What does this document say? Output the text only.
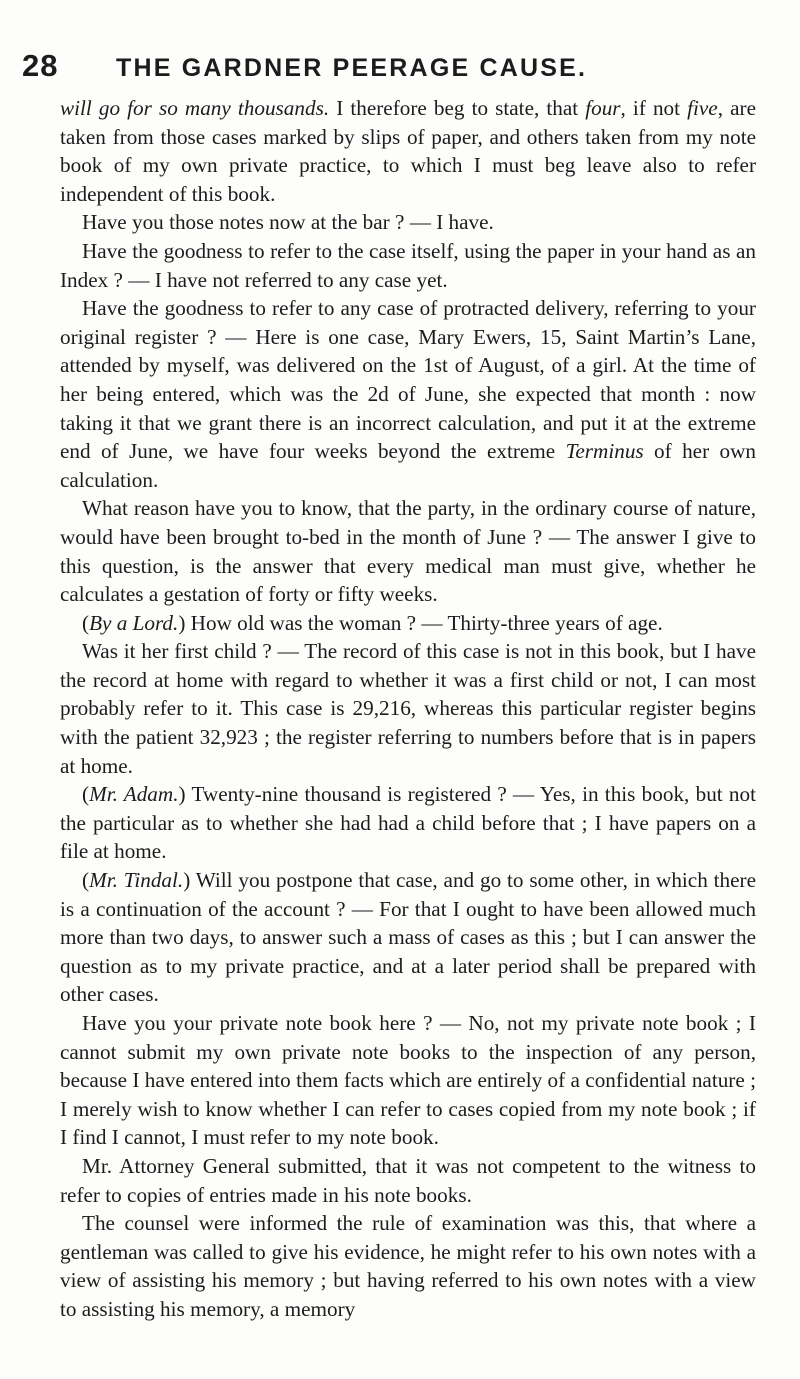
28	THE GARDNER PEERAGE CAUSE.

will go for so many thousands. I therefore beg to state, that four, if not five, are taken from those cases marked by slips of paper, and others taken from my note book of my own private practice, to which I must beg leave also to refer independent of this book.

Have you those notes now at the bar ? — I have.

Have the goodness to refer to the case itself, using the paper in your hand as an Index ? — I have not referred to any case yet.

Have the goodness to refer to any case of protracted delivery, referring to your original register ? — Here is one case, Mary Ewers, 15, Saint Martin’s Lane, attended by myself, was delivered on the 1st of August, of a girl. At the time of her being entered, which was the 2d of June, she expected that month : now taking it that we grant there is an incorrect calculation, and put it at the extreme end of June, we have four weeks beyond the extreme Terminus of her own calculation.

What reason have you to know, that the party, in the ordinary course of nature, would have been brought to-bed in the month of June ? — The answer I give to this question, is the answer that every medical man must give, whether he calculates a gestation of forty or fifty weeks.

(By a Lord.) How old was the woman ? — Thirty-three years of age.

Was it her first child ? — The record of this case is not in this book, but I have the record at home with regard to whether it was a first child or not, I can most probably refer to it. This case is 29,216, whereas this particular register begins with the patient 32,923 ; the register referring to numbers before that is in papers at home.

(Mr. Adam.) Twenty-nine thousand is registered ? — Yes, in this book, but not the particular as to whether she had had a child before that ; I have papers on a file at home.

(Mr. Tindal.) Will you postpone that case, and go to some other, in which there is a continuation of the account ? — For that I ought to have been allowed much more than two days, to answer such a mass of cases as this ; but I can answer the question as to my private practice, and at a later period shall be prepared with other cases.

Have you your private note book here ? — No, not my private note book ; I cannot submit my own private note books to the inspection of any person, because I have entered into them facts which are entirely of a confidential nature ; I merely wish to know whether I can refer to cases copied from my note book ; if I find I cannot, I must refer to my note book.

Mr. Attorney General submitted, that it was not competent to the witness to refer to copies of entries made in his note books.

The counsel were informed the rule of examination was this, that where a gentleman was called to give his evidence, he might refer to his own notes with a view of assisting his memory ; but having referred to his own notes with a view to assisting his memory, a memory
